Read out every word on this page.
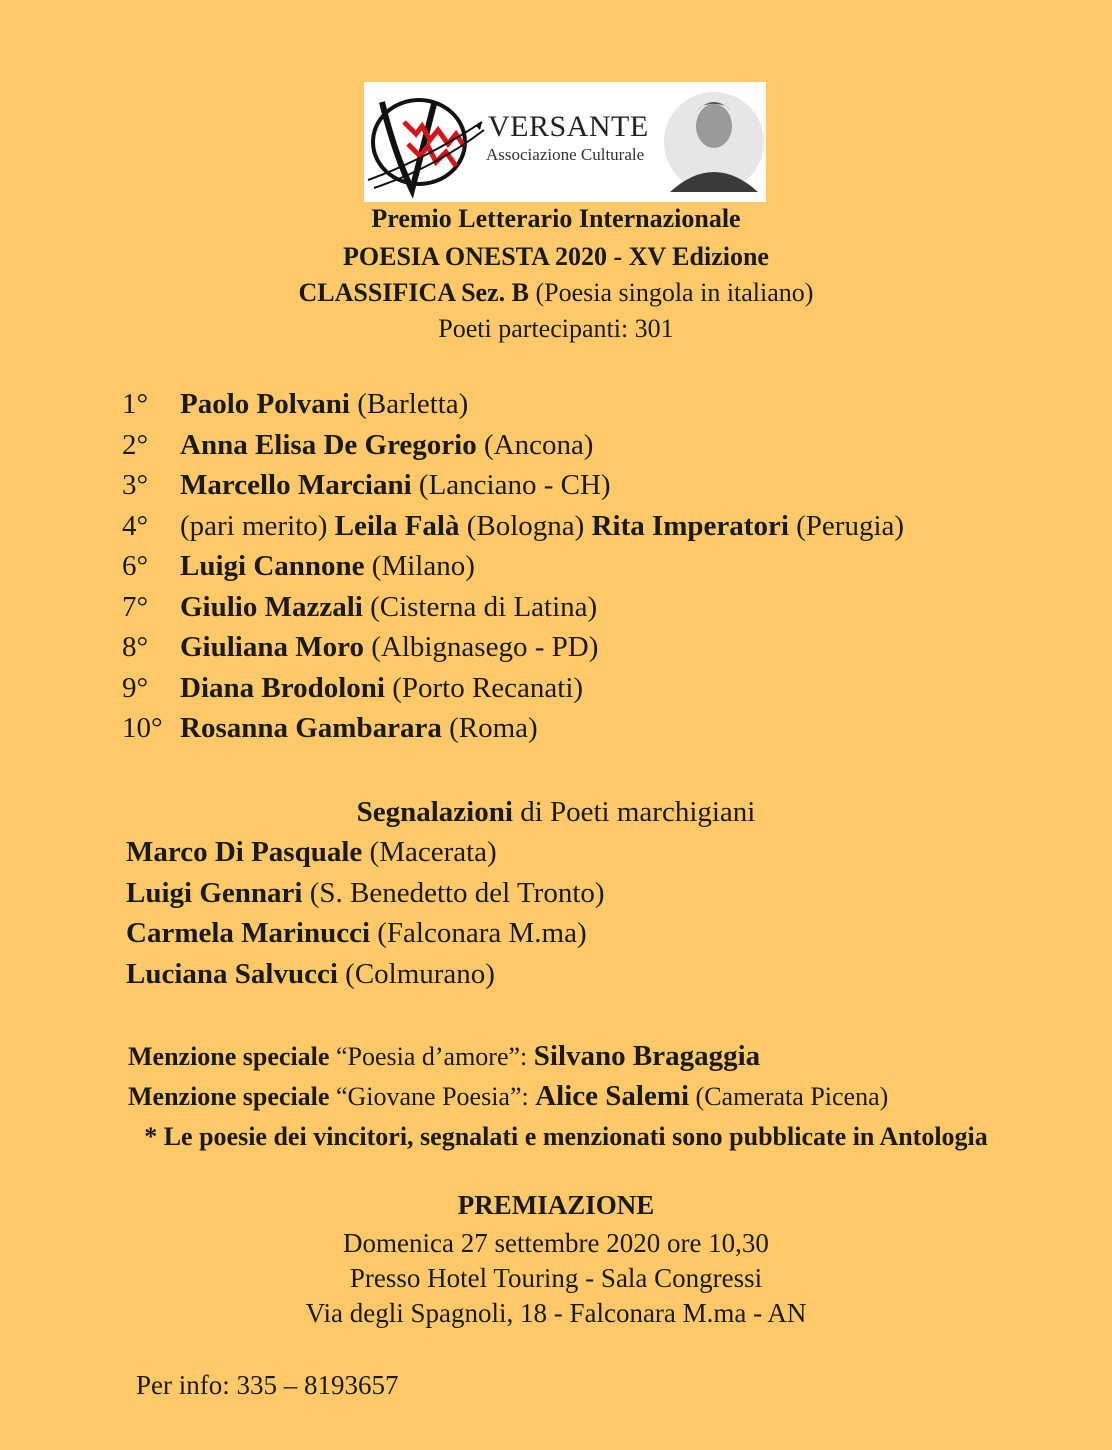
VERSANTE
Associazione Culturale
Premio Letterario Internazionale
POESIA ONESTA 2020 - XV Edizione
CLASSIFICA Sez. B (Poesia singola in italiano)
Poeti partecipanti: 301
1° Paolo Polvani (Barletta)
2° Anna Elisa De Gregorio (Ancona)
3° Marcello Marciani (Lanciano - CH)
4° (pari merito) Leila Falà (Bologna) Rita Imperatori (Perugia)
6° Luigi Cannone (Milano)
7° Giulio Mazzali (Cisterna di Latina)
8° Giuliana Moro (Albignasego - PD)
9° Diana Brodoloni (Porto Recanati)
10° Rosanna Gambarara (Roma)
Segnalazioni di Poeti marchigiani
Marco Di Pasquale (Macerata)
Luigi Gennari (S. Benedetto del Tronto)
Carmela Marinucci (Falconara M.ma)
Luciana Salvucci (Colmurano)
Menzione speciale “Poesia d’amore”: Silvano Bragaggia
Menzione speciale “Giovane Poesia”: Alice Salemi (Camerata Picena)
* Le poesie dei vincitori, segnalati e menzionati sono pubblicate in Antologia
PREMIAZIONE
Domenica 27 settembre 2020 ore 10,30
Presso Hotel Touring - Sala Congressi
Via degli Spagnoli, 18 - Falconara M.ma - AN
Per info: 335 – 8193657
